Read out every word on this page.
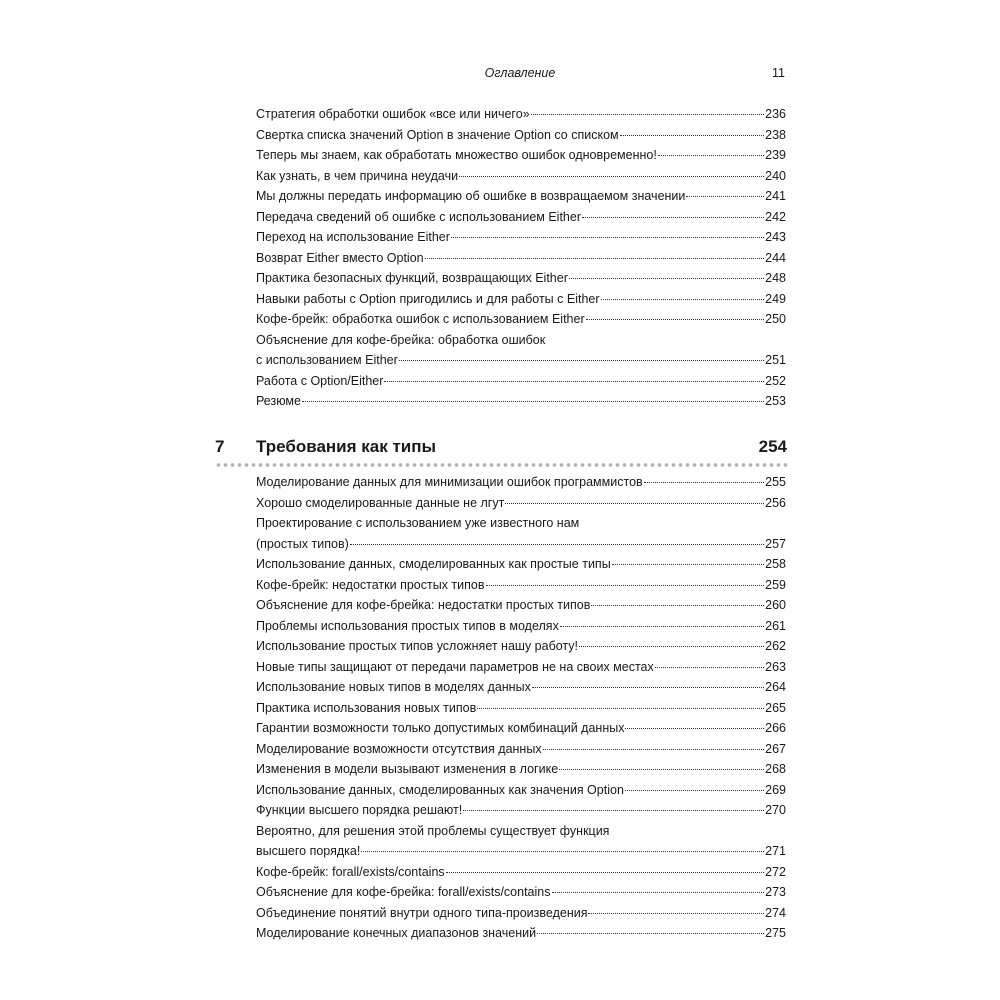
Оглавление	11
Стратегия обработки ошибок «все или ничего»	236
Свертка списка значений Option в значение Option со списком	238
Теперь мы знаем, как обработать множество ошибок одновременно!	239
Как узнать, в чем причина неудачи	240
Мы должны передать информацию об ошибке в возвращаемом значении	241
Передача сведений об ошибке с использованием Either	242
Переход на использование Either	243
Возврат Either вместо Option	244
Практика безопасных функций, возвращающих Either	248
Навыки работы с Option пригодились и для работы с Either	249
Кофе-брейк: обработка ошибок с использованием Either	250
Объяснение для кофе-брейка: обработка ошибок
с использованием Either	251
Работа с Option/Either	252
Резюме	253
7 Требования как типы	254
Моделирование данных для минимизации ошибок программистов	255
Хорошо смоделированные данные не лгут	256
Проектирование с использованием уже известного нам
(простых типов)	257
Использование данных, смоделированных как простые типы	258
Кофе-брейк: недостатки простых типов	259
Объяснение для кофе-брейка: недостатки простых типов	260
Проблемы использования простых типов в моделях	261
Использование простых типов усложняет нашу работу!	262
Новые типы защищают от передачи параметров не на своих местах	263
Использование новых типов в моделях данных	264
Практика использования новых типов	265
Гарантии возможности только допустимых комбинаций данных	266
Моделирование возможности отсутствия данных	267
Изменения в модели вызывают изменения в логике	268
Использование данных, смоделированных как значения Option	269
Функции высшего порядка решают!	270
Вероятно, для решения этой проблемы существует функция
высшего порядка!	271
Кофе-брейк: forall/exists/contains	272
Объяснение для кофе-брейка: forall/exists/contains	273
Объединение понятий внутри одного типа-произведения	274
Моделирование конечных диапазонов значений	275
